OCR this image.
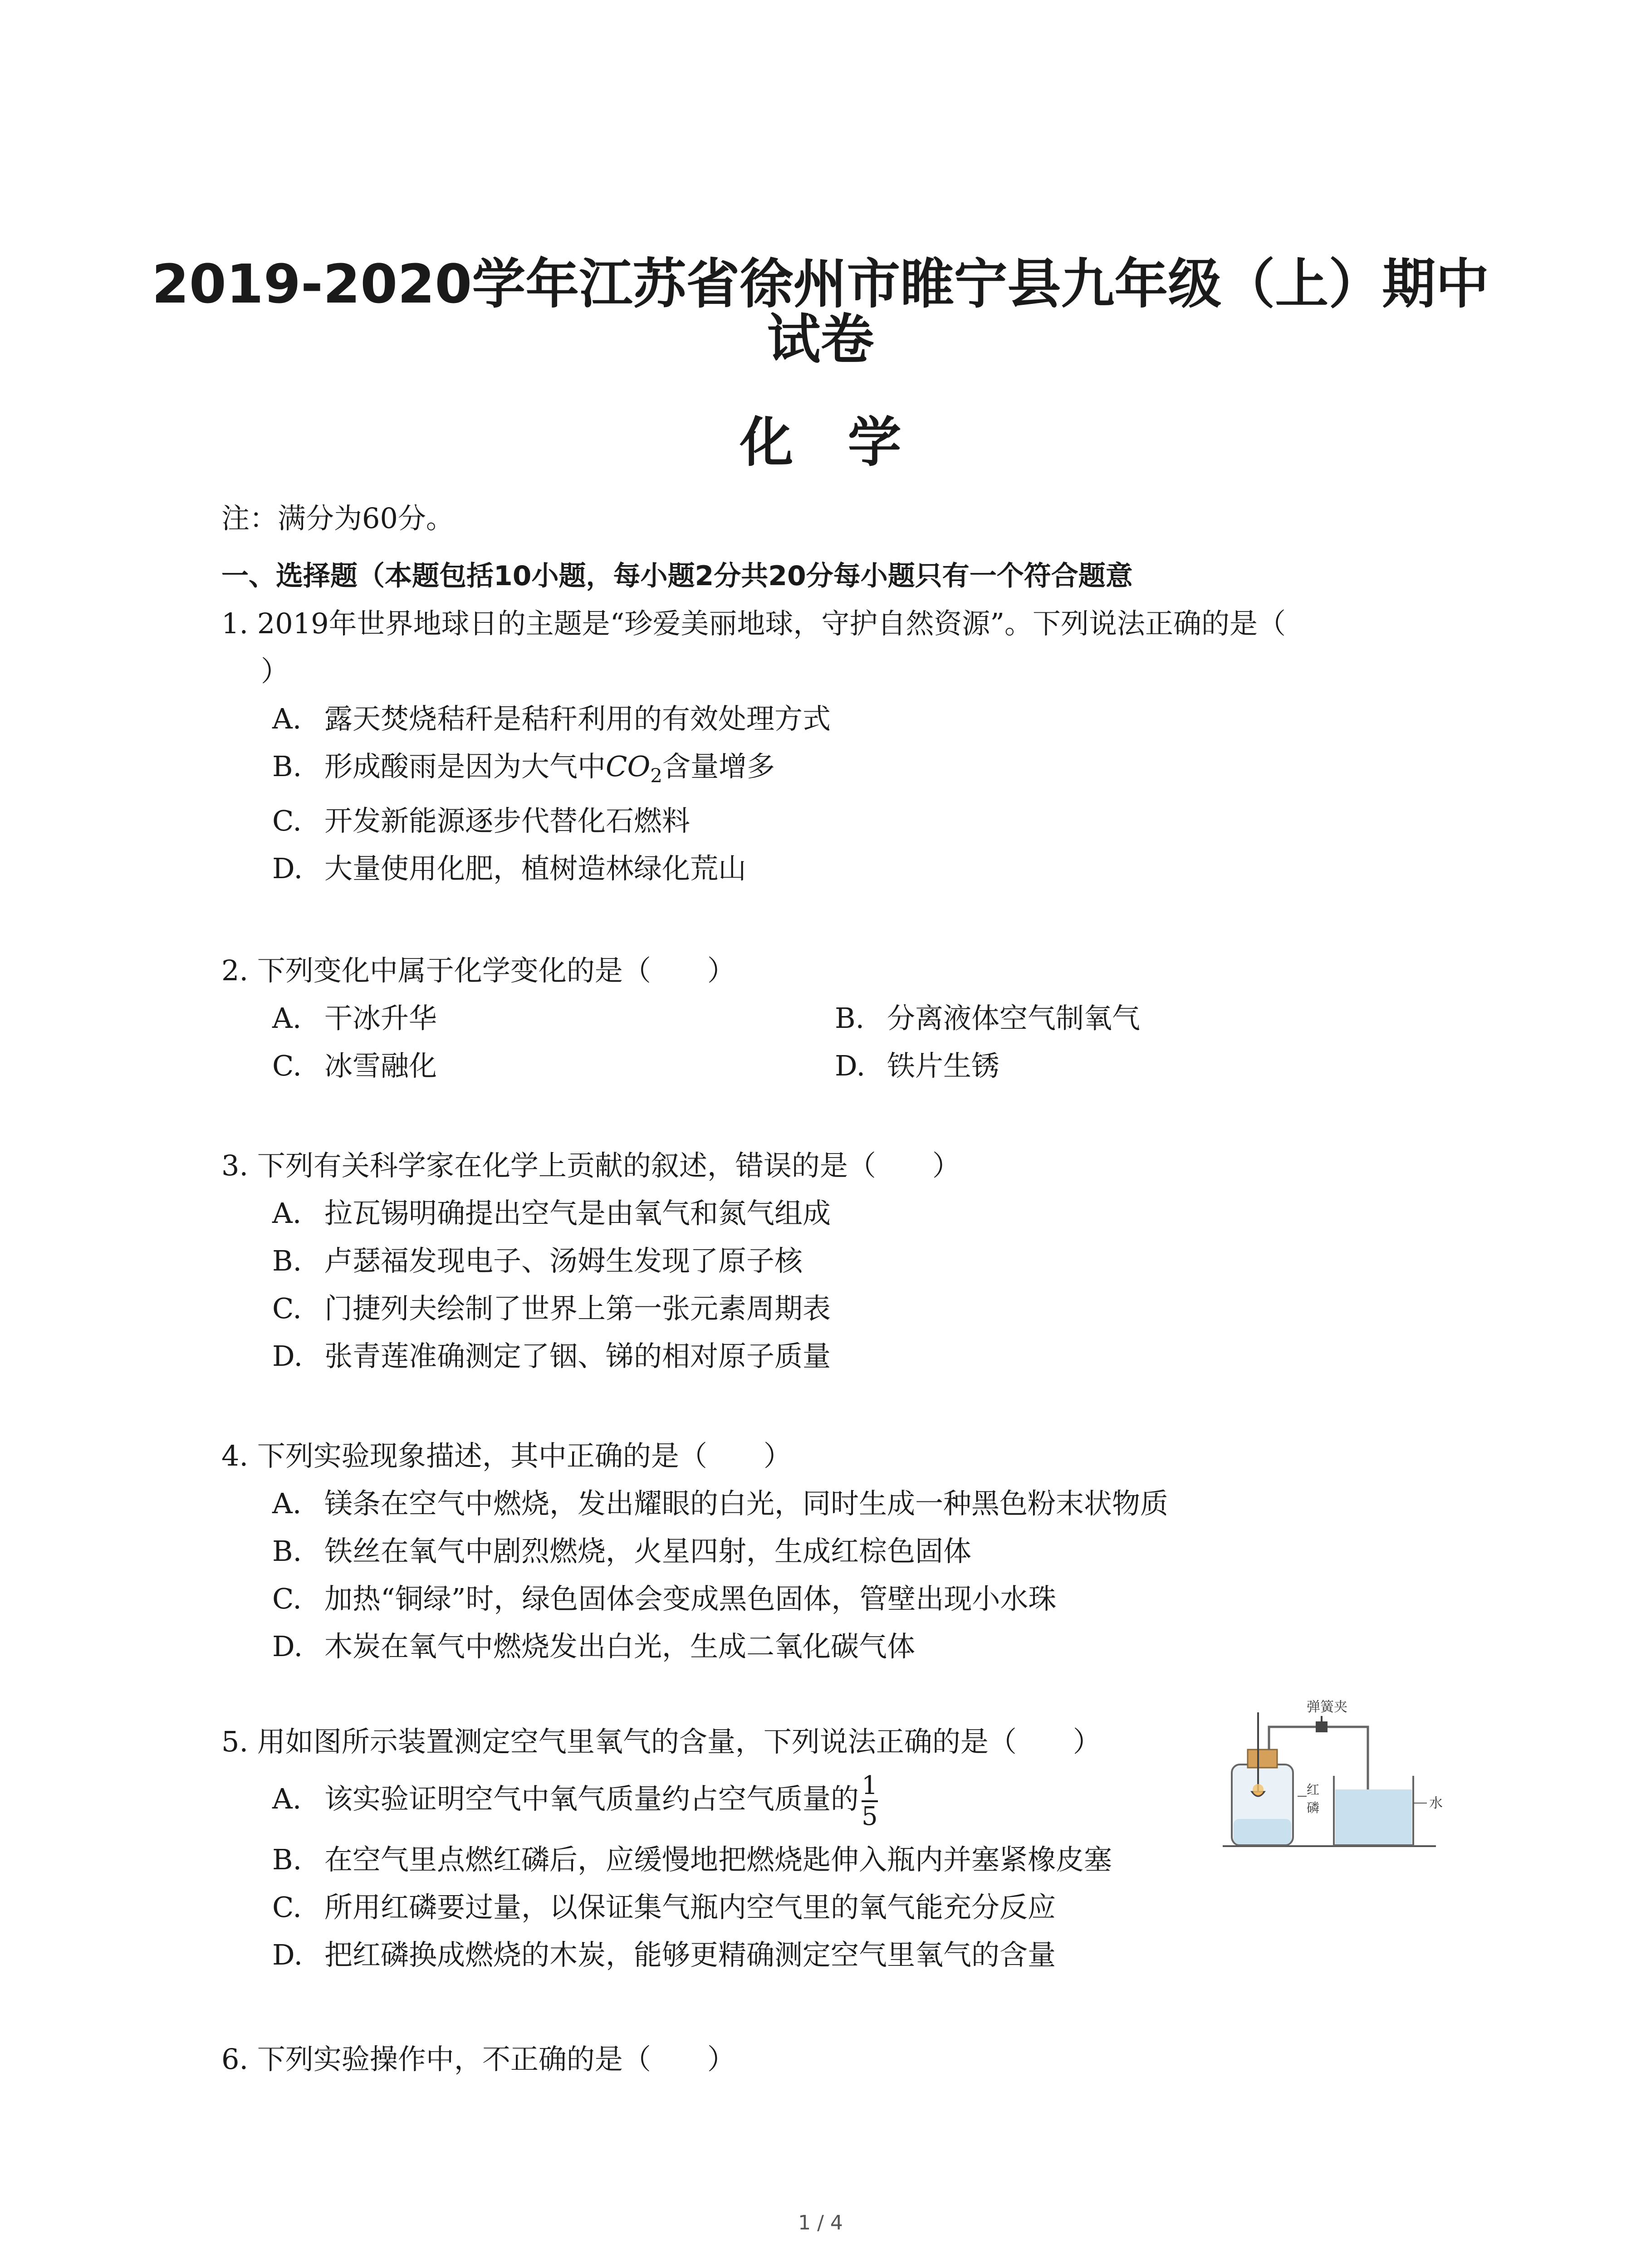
2019-2020学年江苏省徐州市睢宁县九年级（上）期中
试卷
化学
注：满分为60分。
一、选择题（本题包括10小题，每小题2分共20分每小题只有一个符合题意
1. 2019年世界地球日的主题是“珍爱美丽地球，守护自然资源”。下列说法正确的是（
）
A. 露天焚烧秸秆是秸秆利用的有效处理方式
B. 形成酸雨是因为大气中$CO_2$含量增多
C. 开发新能源逐步代替化石燃料
D. 大量使用化肥，植树造林绿化荒山
2. 下列变化中属于化学变化的是（　　）
A. 干冰升华	B. 分离液体空气制氧气
C. 冰雪融化	D. 铁片生锈
3. 下列有关科学家在化学上贡献的叙述，错误的是（　　）
A. 拉瓦锡明确提出空气是由氧气和氮气组成
B. 卢瑟福发现电子、汤姆生发现了原子核
C. 门捷列夫绘制了世界上第一张元素周期表
D. 张青莲准确测定了铟、锑的相对原子质量
4. 下列实验现象描述，其中正确的是（　　）
A. 镁条在空气中燃烧，发出耀眼的白光，同时生成一种黑色粉末状物质
B. 铁丝在氧气中剧烈燃烧，火星四射，生成红棕色固体
C. 加热“铜绿”时，绿色固体会变成黑色固体，管壁出现小水珠
D. 木炭在氧气中燃烧发出白光，生成二氧化碳气体
5. 用如图所示装置测定空气里氧气的含量，下列说法正确的是（　　）
A. 该实验证明空气中氧气质量约占空气质量的 $\frac{1}{5}$
B. 在空气里点燃红磷后，应缓慢地把燃烧匙伸入瓶内并塞紧橡皮塞
C. 所用红磷要过量，以保证集气瓶内空气里的氧气能充分反应
D. 把红磷换成燃烧的木炭，能够更精确测定空气里氧气的含量
弹簧夹
红
磷	水
6. 下列实验操作中，不正确的是（　　）
1 / 4
